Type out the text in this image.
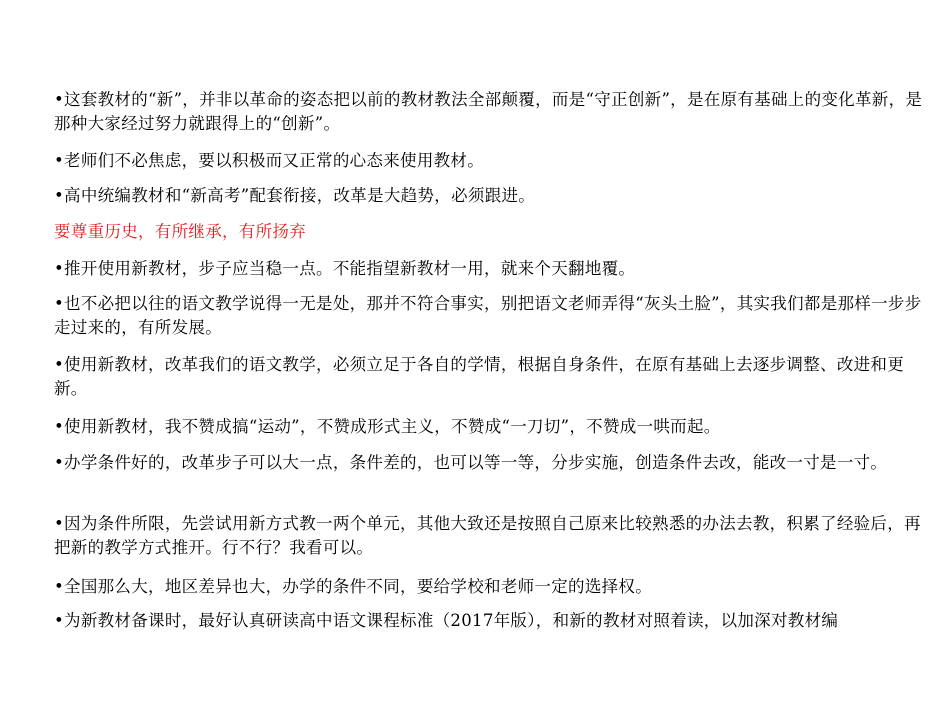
•这套教材的“新”，并非以革命的姿态把以前的教材教法全部颠覆，而是“守正创新”，是在原有基础上的变化革新，是那种大家经过努力就跟得上的“创新”。
•老师们不必焦虑，要以积极而又正常的心态来使用教材。
•高中统编教材和“新高考”配套衔接，改革是大趋势，必须跟进。
要尊重历史，有所继承，有所扬弃
•推开使用新教材，步子应当稳一点。不能指望新教材一用，就来个天翻地覆。
•也不必把以往的语文教学说得一无是处，那并不符合事实，别把语文老师弄得“灰头土脸”，其实我们都是那样一步步走过来的，有所发展。
•使用新教材，改革我们的语文教学，必须立足于各自的学情，根据自身条件，在原有基础上去逐步调整、改进和更新。
•使用新教材，我不赞成搞“运动”，不赞成形式主义，不赞成“一刀切”，不赞成一哄而起。
•办学条件好的，改革步子可以大一点，条件差的，也可以等一等，分步实施，创造条件去改，能改一寸是一寸。
•因为条件所限，先尝试用新方式教一两个单元，其他大致还是按照自己原来比较熟悉的办法去教，积累了经验后，再把新的教学方式推开。行不行？我看可以。
•全国那么大，地区差异也大，办学的条件不同，要给学校和老师一定的选择权。
•为新教材备课时，最好认真研读高中语文课程标准（2017年版），和新的教材对照着读，以加深对教材编
